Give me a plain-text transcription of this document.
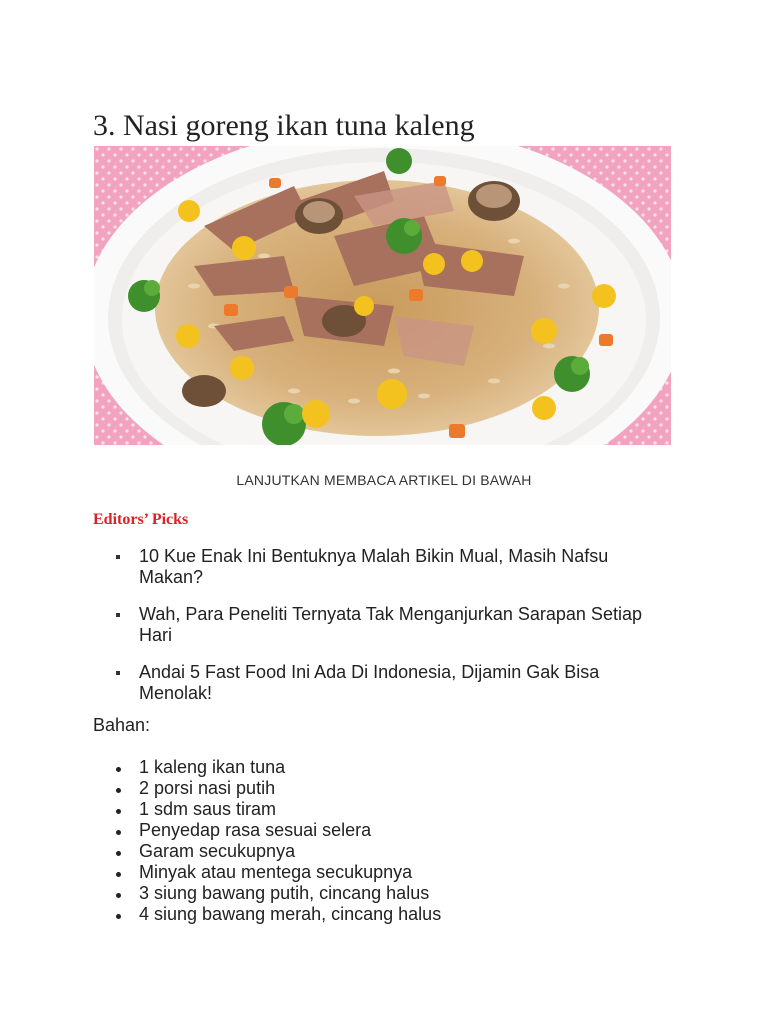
3. Nasi goreng ikan tuna kaleng
LANJUTKAN MEMBACA ARTIKEL DI BAWAH
Editors’ Picks
10 Kue Enak Ini Bentuknya Malah Bikin Mual, Masih Nafsu Makan?
Wah, Para Peneliti Ternyata Tak Menganjurkan Sarapan Setiap Hari
Andai 5 Fast Food Ini Ada Di Indonesia, Dijamin Gak Bisa Menolak!

Bahan:

1 kaleng ikan tuna
2 porsi nasi putih
1 sdm saus tiram
Penyedap rasa sesuai selera
Garam secukupnya
Minyak atau mentega secukupnya
3 siung bawang putih, cincang halus
4 siung bawang merah, cincang halus
